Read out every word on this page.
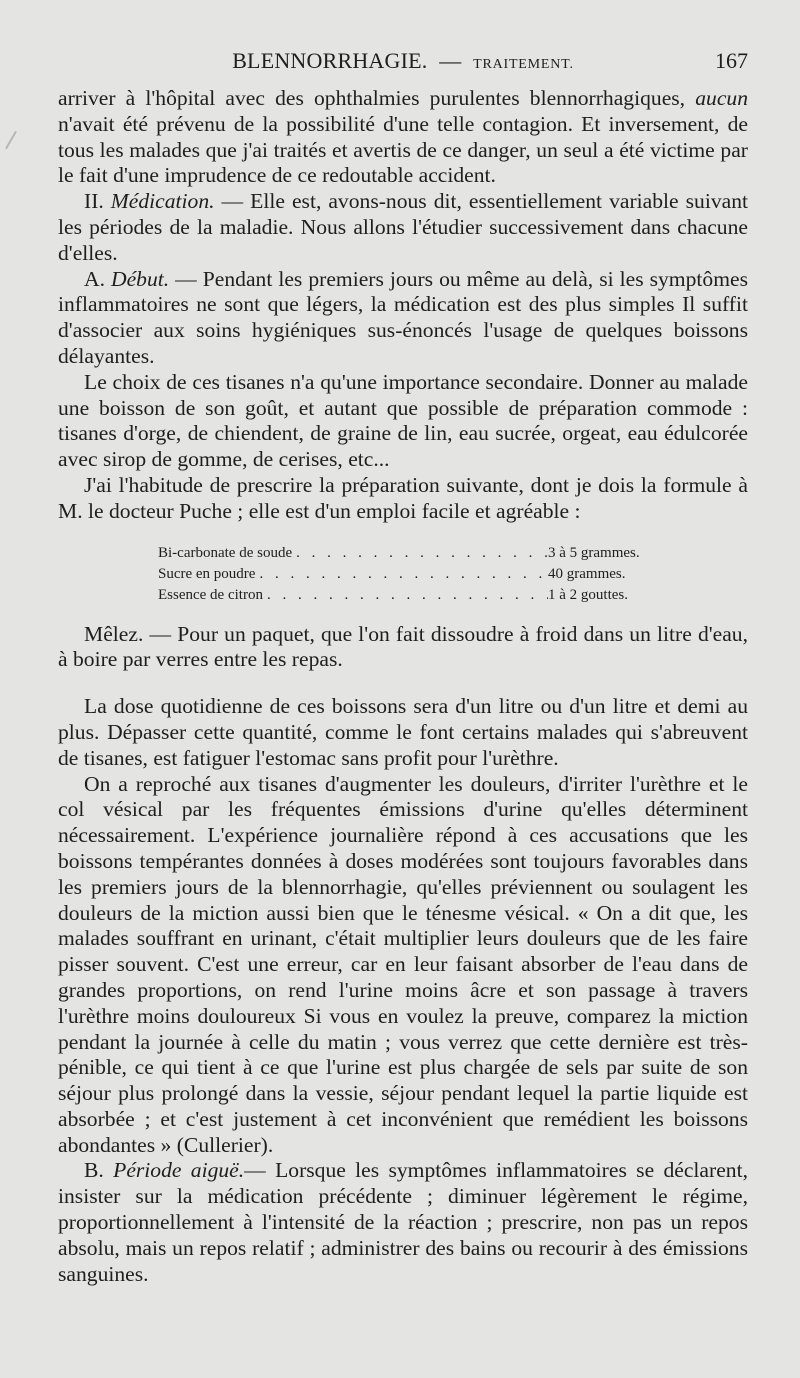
BLENNORRHAGIE. — TRAITEMENT.	167

arriver à l'hôpital avec des ophthalmies purulentes blennorrhagiques, aucun n'avait été prévenu de la possibilité d'une telle contagion. Et inversement, de tous les malades que j'ai traités et avertis de ce danger, un seul a été victime par le fait d'une imprudence de ce redoutable accident.

II. Médication. — Elle est, avons-nous dit, essentiellement variable suivant les périodes de la maladie. Nous allons l'étudier successivement dans chacune d'elles.

A. Début. — Pendant les premiers jours ou même au delà, si les symptômes inflammatoires ne sont que légers, la médication est des plus simples Il suffit d'associer aux soins hygiéniques sus-énoncés l'usage de quelques boissons délayantes.

Le choix de ces tisanes n'a qu'une importance secondaire. Donner au malade une boisson de son goût, et autant que possible de préparation commode : tisanes d'orge, de chiendent, de graine de lin, eau sucrée, orgeat, eau édulcorée avec sirop de gomme, de cerises, etc...

J'ai l'habitude de prescrire la préparation suivante, dont je dois la formule à M. le docteur Puche ; elle est d'un emploi facile et agréable :

Bi-carbonate de soude . . .	3 à 5 grammes.
Sucre en poudre . . .	40 grammes.
Essence de citron . . .	1 à 2 gouttes.

Mêlez. — Pour un paquet, que l'on fait dissoudre à froid dans un litre d'eau, à boire par verres entre les repas.

La dose quotidienne de ces boissons sera d'un litre ou d'un litre et demi au plus. Dépasser cette quantité, comme le font certains malades qui s'abreuvent de tisanes, est fatiguer l'estomac sans profit pour l'urèthre.

On a reproché aux tisanes d'augmenter les douleurs, d'irriter l'urèthre et le col vésical par les fréquentes émissions d'urine qu'elles déterminent nécessairement. L'expérience journalière répond à ces accusations que les boissons tempérantes données à doses modérées sont toujours favorables dans les premiers jours de la blennorrhagie, qu'elles préviennent ou soulagent les douleurs de la miction aussi bien que le ténesme vésical. « On a dit que, les malades souffrant en urinant, c'était multiplier leurs douleurs que de les faire pisser souvent. C'est une erreur, car en leur faisant absorber de l'eau dans de grandes proportions, on rend l'urine moins âcre et son passage à travers l'urèthre moins douloureux Si vous en voulez la preuve, comparez la miction pendant la journée à celle du matin ; vous verrez que cette dernière est très-pénible, ce qui tient à ce que l'urine est plus chargée de sels par suite de son séjour plus prolongé dans la vessie, séjour pendant lequel la partie liquide est absorbée ; et c'est justement à cet inconvénient que remédient les boissons abondantes » (Cullerier).

B. Période aiguë.— Lorsque les symptômes inflammatoires se déclarent, insister sur la médication précédente ; diminuer légèrement le régime, proportionnellement à l'intensité de la réaction ; prescrire, non pas un repos absolu, mais un repos relatif ; administrer des bains ou recourir à des émissions sanguines.
